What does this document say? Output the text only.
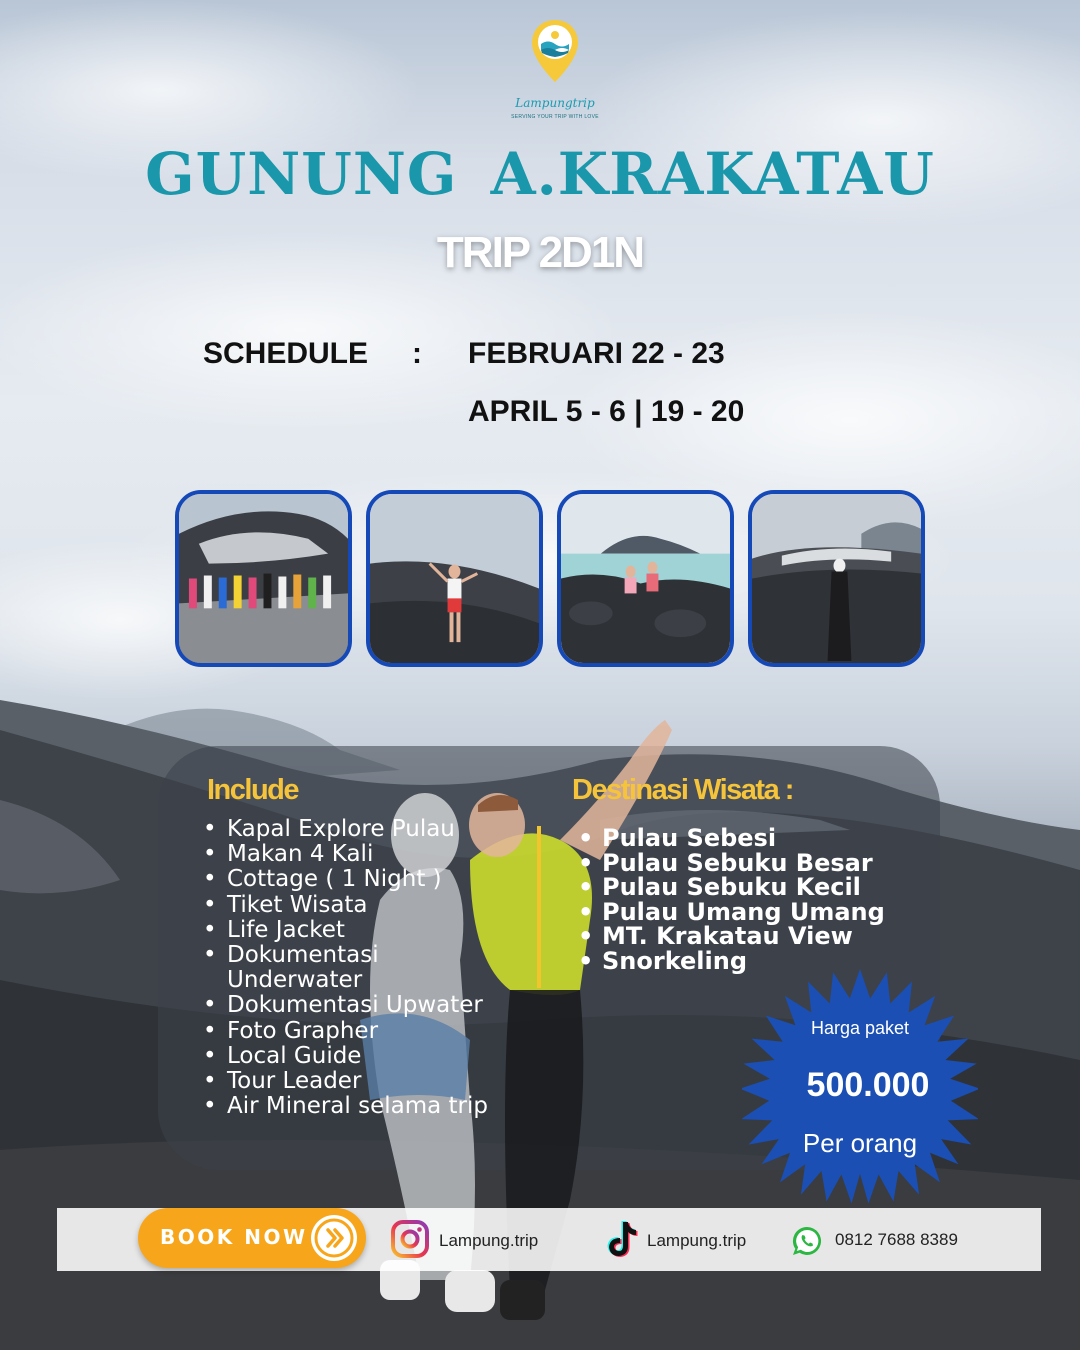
Lampungtrip
SERVING YOUR TRIP WITH LOVE
GUNUNG A.KRAKATAU
TRIP 2D1N
SCHEDULE : FEBRUARI 22 - 23
APRIL 5 - 6 | 19 - 20
Include
• Kapal Explore Pulau
• Makan 4 Kali
• Cottage ( 1 Night )
• Tiket Wisata
• Life Jacket
• Dokumentasi Underwater
• Dokumentasi Upwater
• Foto Grapher
• Local Guide
• Tour Leader
• Air Mineral selama trip
Destinasi Wisata :
• Pulau Sebesi
• Pulau Sebuku Besar
• Pulau Sebuku Kecil
• Pulau Umang Umang
• MT. Krakatau View
• Snorkeling
Harga paket
500.000
Per orang
BOOK NOW	Lampung.trip	Lampung.trip	0812 7688 8389
